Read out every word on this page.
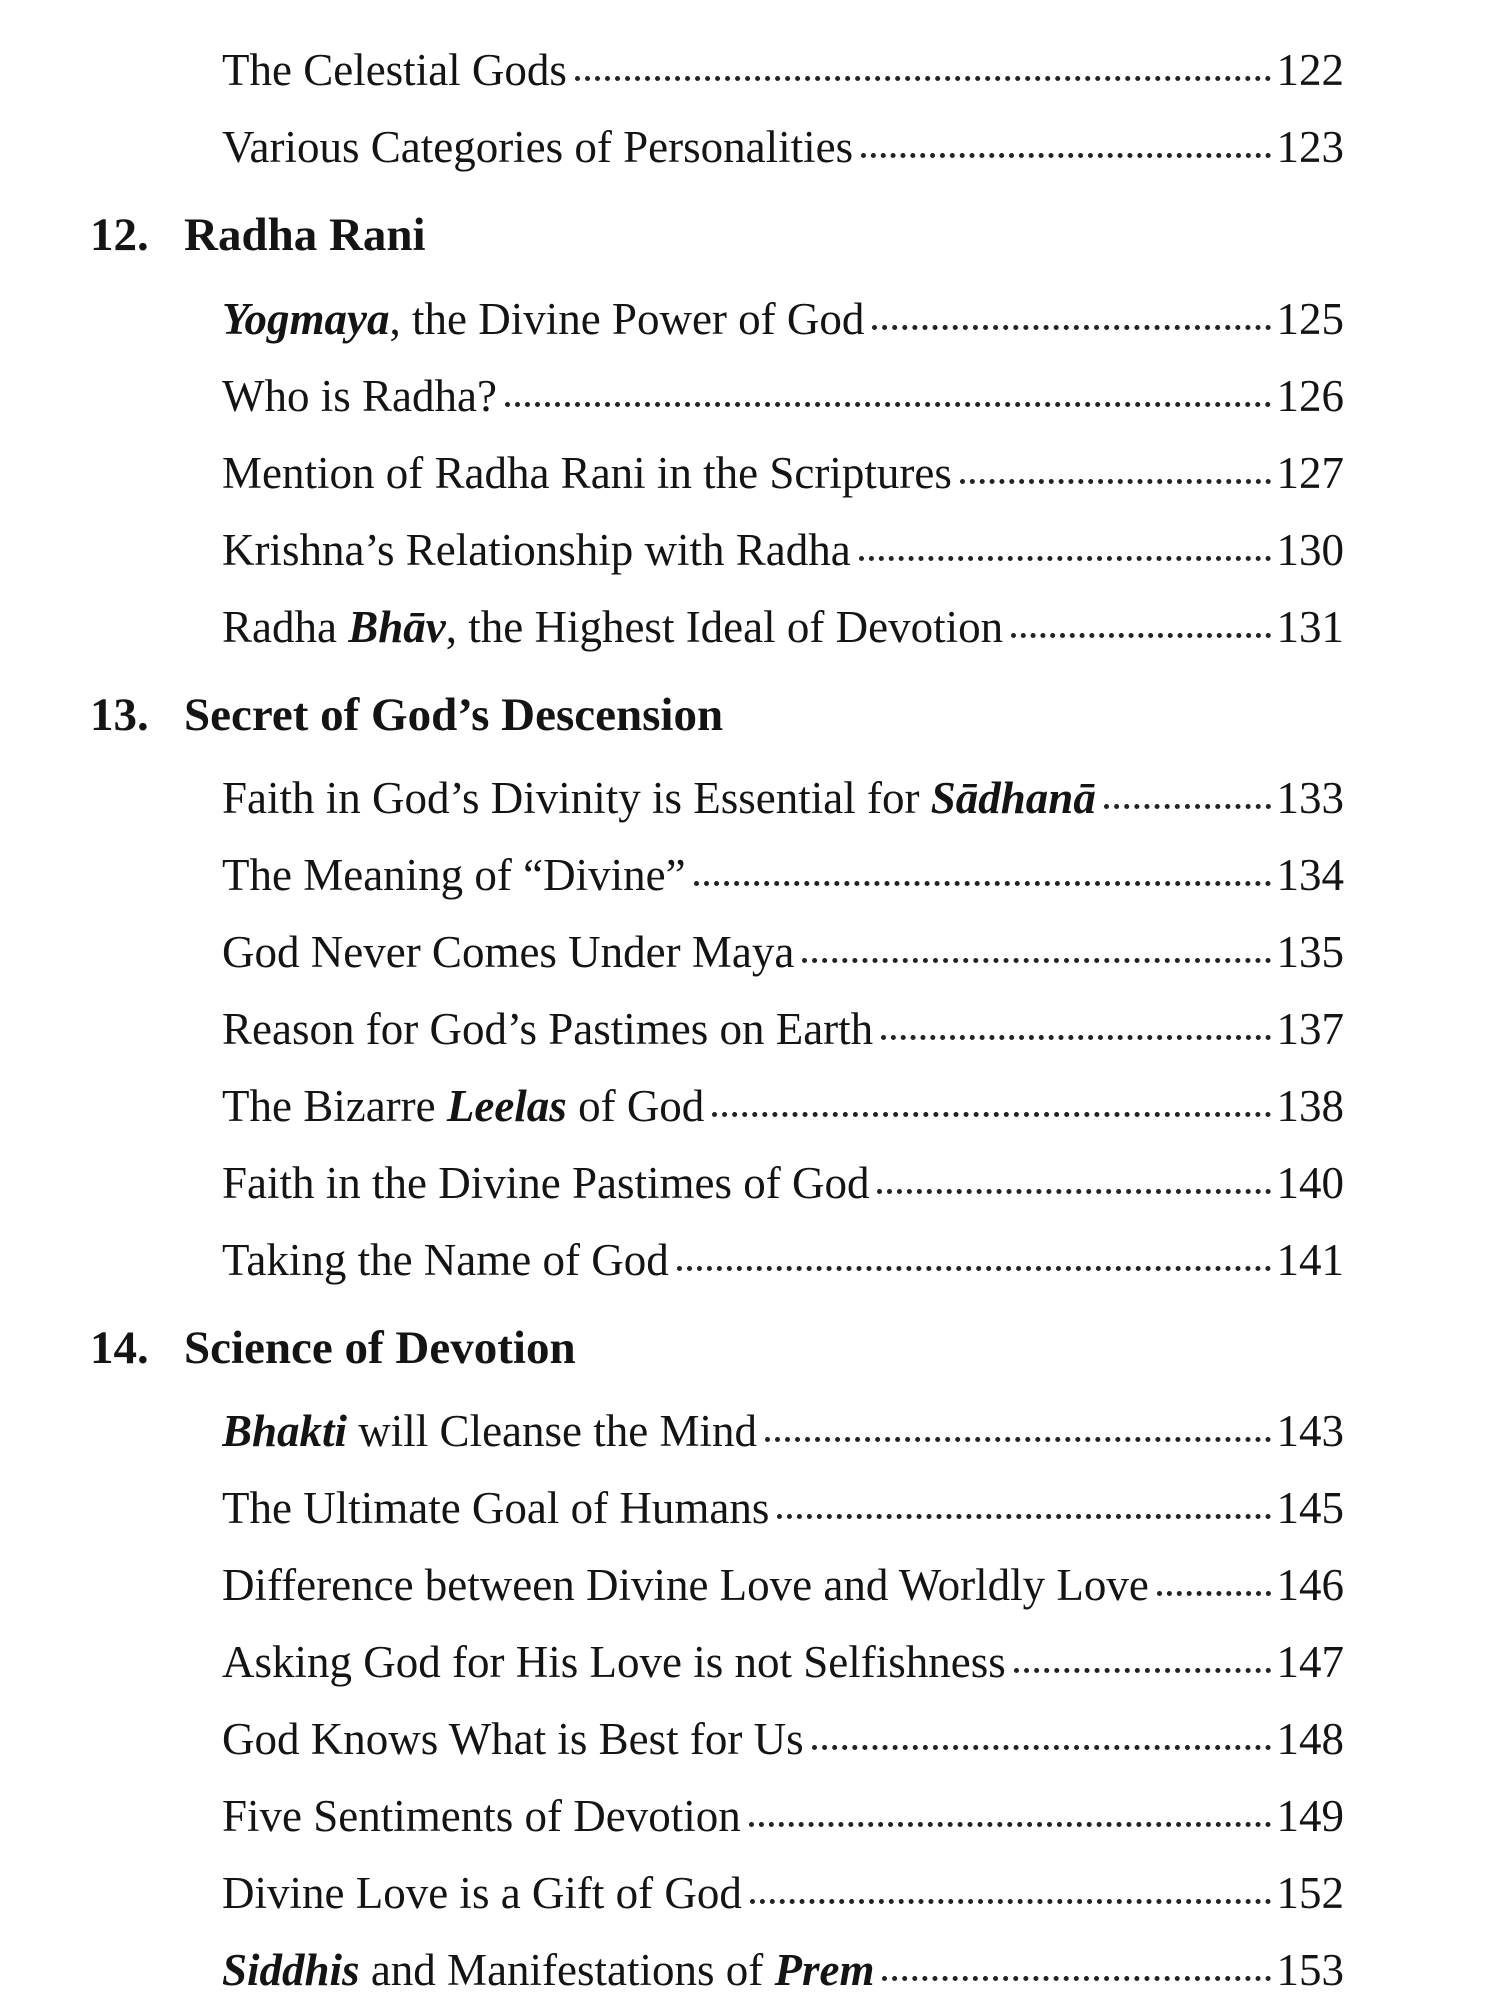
The Celestial Gods	122
Various Categories of Personalities	123
12. Radha Rani
Yogmaya, the Divine Power of God	125
Who is Radha?	126
Mention of Radha Rani in the Scriptures	127
Krishna’s Relationship with Radha	130
Radha Bhāv, the Highest Ideal of Devotion	131
13. Secret of God’s Descension
Faith in God’s Divinity is Essential for Sādhanā	133
The Meaning of “Divine”	134
God Never Comes Under Maya	135
Reason for God’s Pastimes on Earth	137
The Bizarre Leelas of God	138
Faith in the Divine Pastimes of God	140
Taking the Name of God	141
14. Science of Devotion
Bhakti will Cleanse the Mind	143
The Ultimate Goal of Humans	145
Difference between Divine Love and Worldly Love	146
Asking God for His Love is not Selfishness	147
God Knows What is Best for Us	148
Five Sentiments of Devotion	149
Divine Love is a Gift of God	152
Siddhis and Manifestations of Prem	153
